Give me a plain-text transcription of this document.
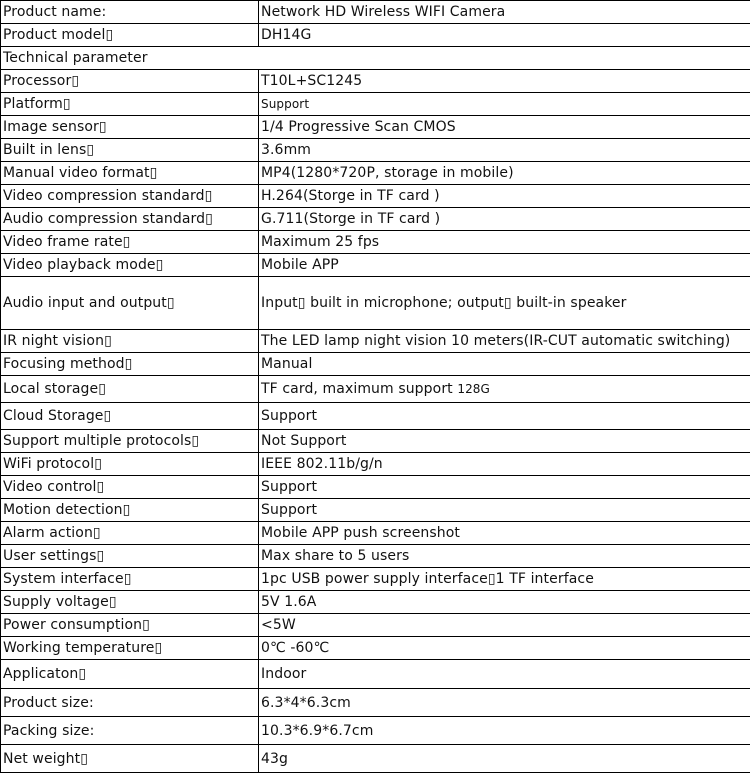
Product name:	Network HD Wireless WIFI Camera
Product model▯	DH14G
Technical parameter	
Processor▯	T10L+SC1245
Platform▯	Support
Image sensor▯	1/4 Progressive Scan CMOS
Built in lens▯	3.6mm
Manual video format▯	MP4(1280*720P, storage in mobile)
Video compression standard▯	H.264(Storge in TF card )
Audio compression standard▯	G.711(Storge in TF card )
Video frame rate▯	Maximum 25 fps
Video playback mode▯	Mobile APP
Audio input and output▯	Input▯ built in microphone; output▯ built-in speaker
IR night vision▯	The LED lamp night vision 10 meters(IR-CUT automatic switching)
Focusing method▯	Manual
Local storage▯	TF card, maximum support 128G
Cloud Storage▯	Support
Support multiple protocols▯	Not Support
WiFi protocol▯	IEEE 802.11b/g/n
Video control▯	Support
Motion detection▯	Support
Alarm action▯	Mobile APP push screenshot
User settings▯	Max share to 5 users
System interface▯	1pc USB power supply interface▯1 TF interface
Supply voltage▯	5V 1.6A
Power consumption▯	<5W
Working temperature▯	0℃ -60℃
Applicaton▯	Indoor
Product size:	6.3*4*6.3cm
Packing size:	10.3*6.9*6.7cm
Net weight▯	43g
